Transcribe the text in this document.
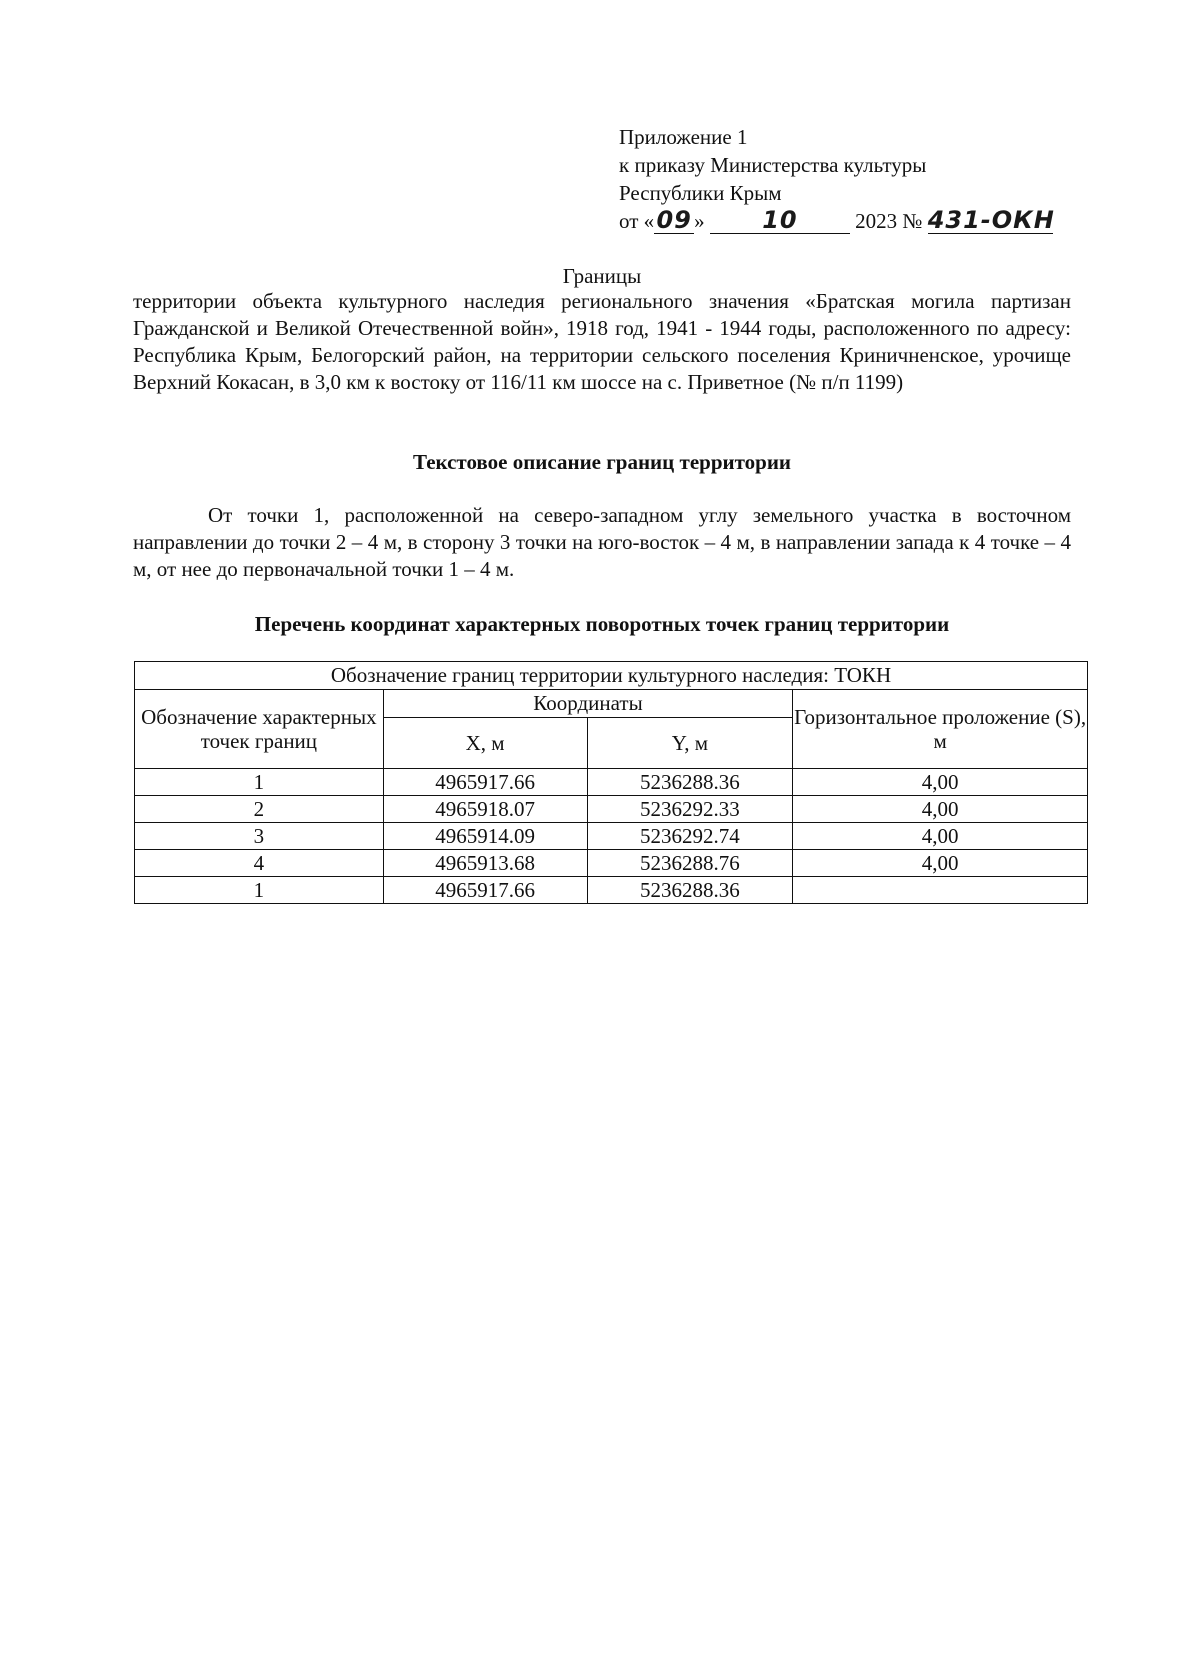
Приложение 1
к приказу Министерства культуры
Республики Крым
от «09 » 10	2023 № 431-ОКН
Границы
территории объекта культурного наследия регионального значения «Братская могила партизан Гражданской и Великой Отечественной войн», 1918 год, 1941 - 1944 годы, расположенного по адресу: Республика Крым, Белогорский район, на территории сельского поселения Криничненское, урочище Верхний Кокасан, в 3,0 км к востоку от 116/11 км шоссе на с. Приветное (№ п/п 1199)
Текстовое описание границ территории
От точки 1, расположенной на северо-западном углу земельного участка в восточном направлении до точки 2 – 4 м, в сторону 3 точки на юго-восток – 4 м, в направлении запада к 4 точке – 4 м, от нее до первоначальной точки 1 – 4 м.
Перечень координат характерных поворотных точек границ территории
Обозначение границ территории культурного наследия: ТОКН			
Обозначение характерных точек границ	Координаты		Горизонтальное проложение (S), м
	X, м	Y, м	
1	4965917.66	5236288.36	4,00
2	4965918.07	5236292.33	4,00
3	4965914.09	5236292.74	4,00
4	4965913.68	5236288.76	4,00
1	4965917.66	5236288.36	
